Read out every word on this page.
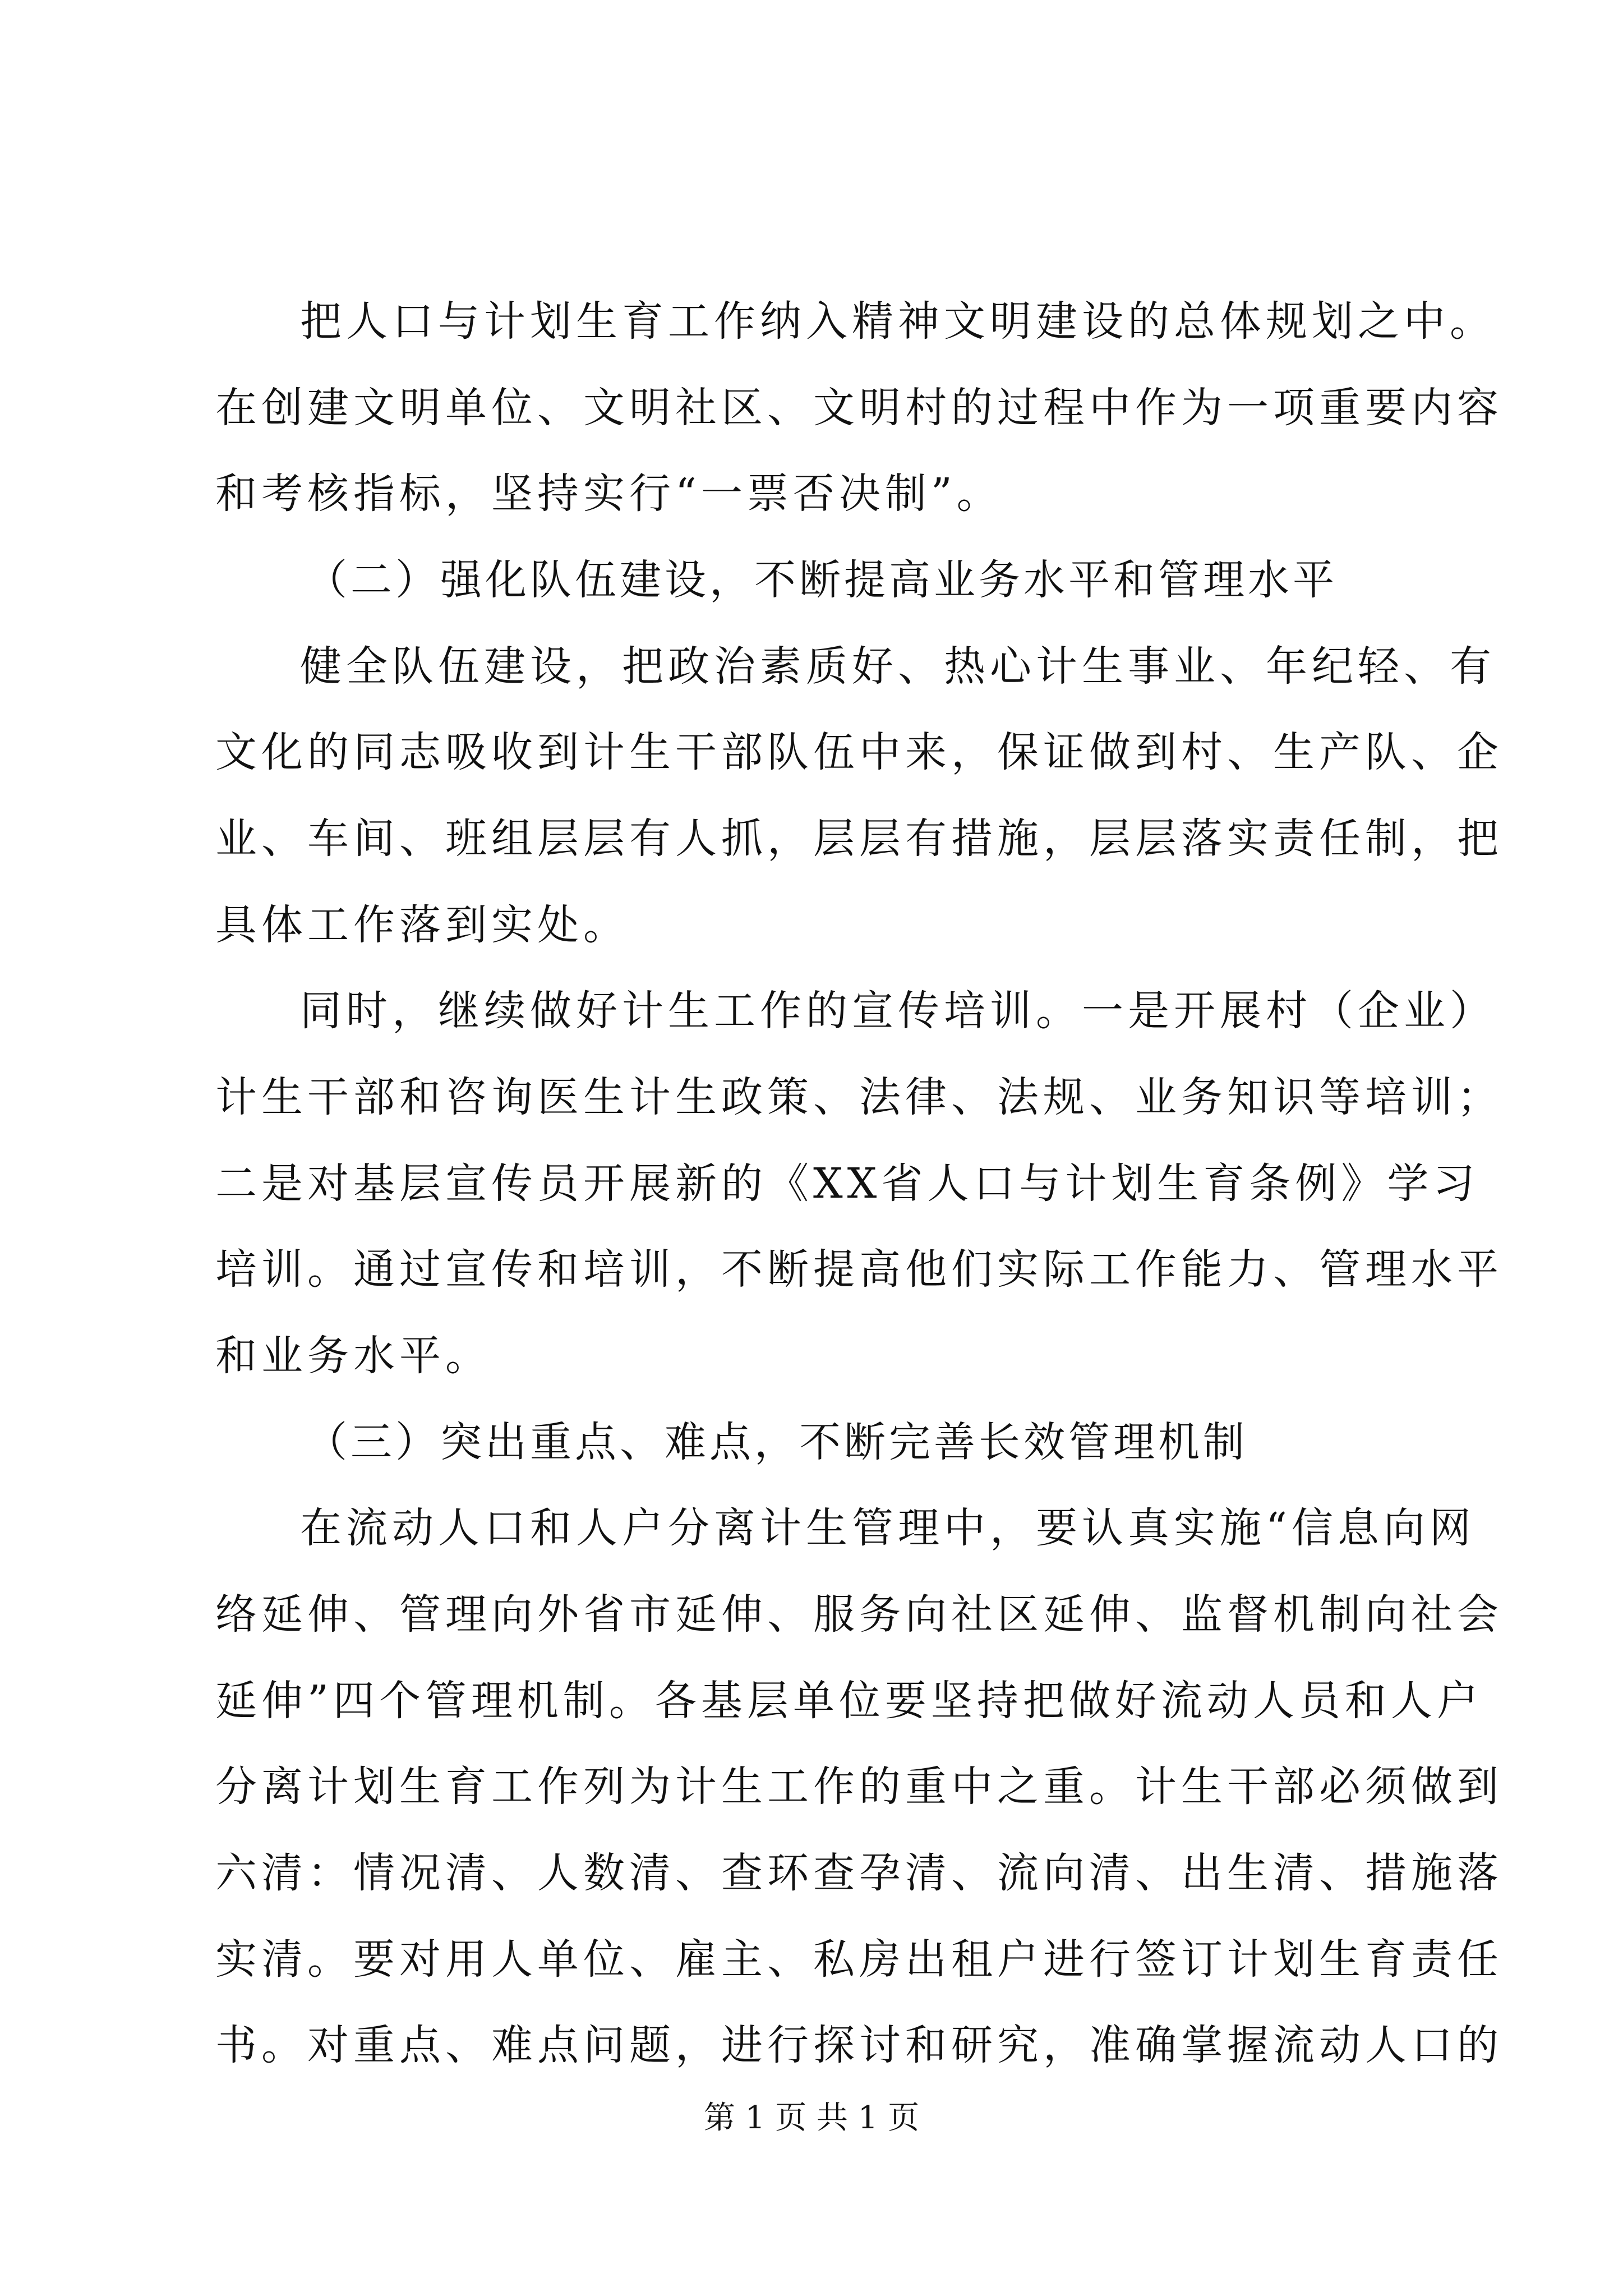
把人口与计划生育工作纳入精神文明建设的总体规划之中。
在创建文明单位、文明社区、文明村的过程中作为一项重要内容
和考核指标，坚持实行“一票否决制”。
（二）强化队伍建设，不断提高业务水平和管理水平
健全队伍建设，把政治素质好、热心计生事业、年纪轻、有
文化的同志吸收到计生干部队伍中来，保证做到村、生产队、企
业、车间、班组层层有人抓，层层有措施，层层落实责任制，把
具体工作落到实处。
同时，继续做好计生工作的宣传培训。一是开展村（企业）
计生干部和咨询医生计生政策、法律、法规、业务知识等培训；
二是对基层宣传员开展新的《XX省人口与计划生育条例》学习
培训。通过宣传和培训，不断提高他们实际工作能力、管理水平
和业务水平。
（三）突出重点、难点，不断完善长效管理机制
在流动人口和人户分离计生管理中，要认真实施“信息向网
络延伸、管理向外省市延伸、服务向社区延伸、监督机制向社会
延伸”四个管理机制。各基层单位要坚持把做好流动人员和人户
分离计划生育工作列为计生工作的重中之重。计生干部必须做到
六清：情况清、人数清、查环查孕清、流向清、出生清、措施落
实清。要对用人单位、雇主、私房出租户进行签订计划生育责任
书。对重点、难点问题，进行探讨和研究，准确掌握流动人口的
第 1 页 共 1 页
